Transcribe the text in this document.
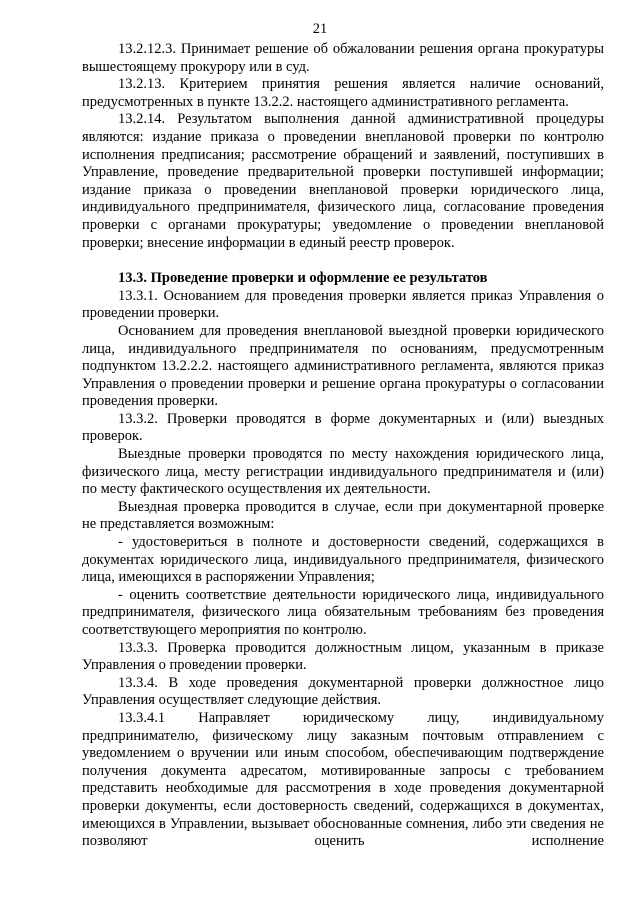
21

13.2.12.3. Принимает решение об обжаловании решения органа прокуратуры вышестоящему прокурору или в суд.

13.2.13. Критерием принятия решения является наличие оснований, предусмотренных в пункте 13.2.2. настоящего административного регламента.

13.2.14. Результатом выполнения данной административной процедуры являются: издание приказа о проведении внеплановой проверки по контролю исполнения предписания; рассмотрение обращений и заявлений, поступивших в Управление, проведение предварительной проверки поступившей информации; издание приказа о проведении внеплановой проверки юридического лица, индивидуального предпринимателя, физического лица, согласование проведения проверки с органами прокуратуры; уведомление о проведении внеплановой проверки; внесение информации в единый реестр проверок.

13.3. Проведение проверки и оформление ее результатов

13.3.1. Основанием для проведения проверки является приказ Управления о проведении проверки.

Основанием для проведения внеплановой выездной проверки юридического лица, индивидуального предпринимателя по основаниям, предусмотренным подпунктом 13.2.2.2. настоящего административного регламента, являются приказ Управления о проведении проверки и решение органа прокуратуры о согласовании проведения проверки.

13.3.2. Проверки проводятся в форме документарных и (или) выездных проверок.

Выездные проверки проводятся по месту нахождения юридического лица, физического лица, месту регистрации индивидуального предпринимателя и (или) по месту фактического осуществления их деятельности.

Выездная проверка проводится в случае, если при документарной проверке не представляется возможным:

- удостовериться в полноте и достоверности сведений, содержащихся в документах юридического лица, индивидуального предпринимателя, физического лица, имеющихся в распоряжении Управления;

- оценить соответствие деятельности юридического лица, индивидуального предпринимателя, физического лица обязательным требованиям без проведения соответствующего мероприятия по контролю.

13.3.3. Проверка проводится должностным лицом, указанным в приказе Управления о проведении проверки.

13.3.4. В ходе проведения документарной проверки должностное лицо Управления осуществляет следующие действия.

13.3.4.1 Направляет юридическому лицу, индивидуальному предпринимателю, физическому лицу заказным почтовым отправлением с уведомлением о вручении или иным способом, обеспечивающим подтверждение получения документа адресатом, мотивированные запросы с требованием представить необходимые для рассмотрения в ходе проведения документарной проверки документы, если достоверность сведений, содержащихся в документах, имеющихся в Управлении, вызывает обоснованные сомнения, либо эти сведения не позволяют оценить исполнение
